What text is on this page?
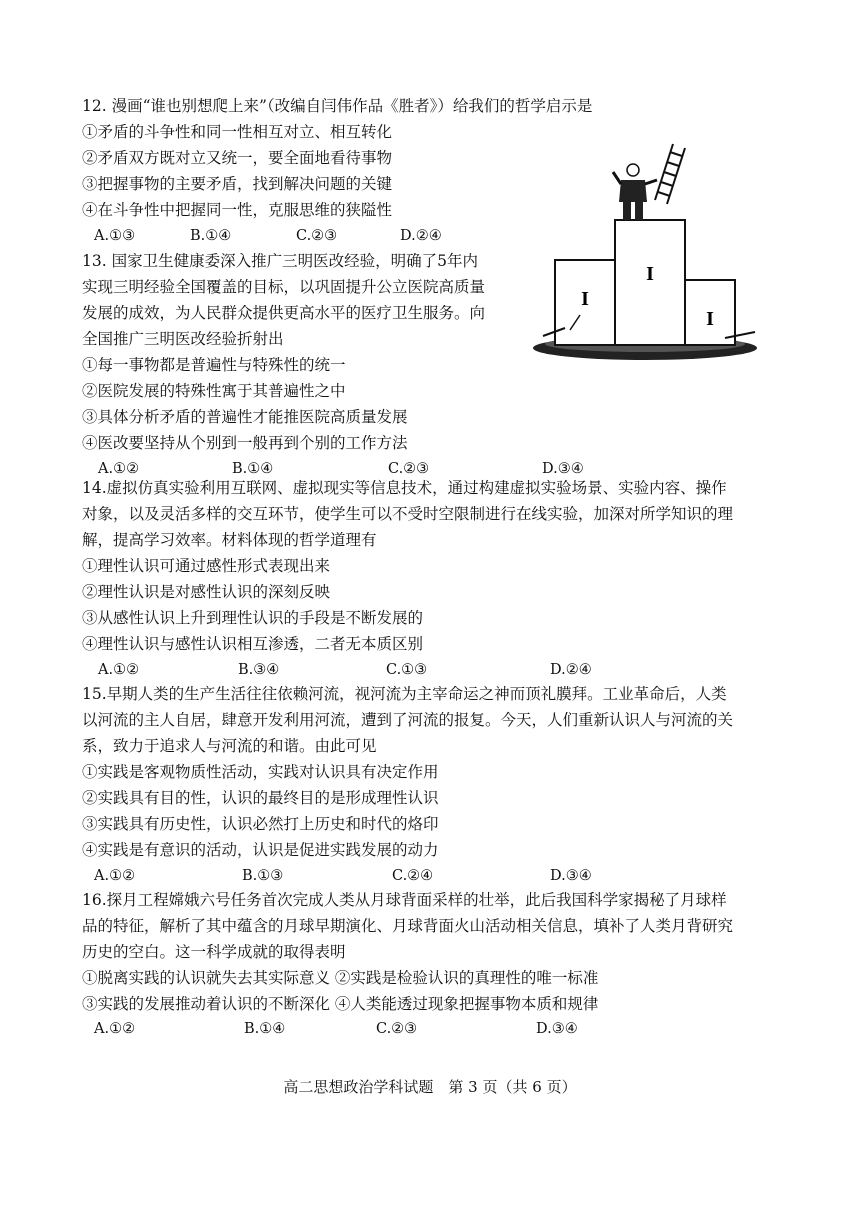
12. 漫画“谁也别想爬上来”（改编自闫伟作品《胜者》）给我们的哲学启示是
①矛盾的斗争性和同一性相互对立、相互转化
②矛盾双方既对立又统一，要全面地看待事物
③把握事物的主要矛盾，找到解决问题的关键
④在斗争性中把握同一性，克服思维的狭隘性
A.①③	B.①④	C.②③	D.②④
I
I
I
13. 国家卫生健康委深入推广三明医改经验，明确了5年内
实现三明经验全国覆盖的目标，以巩固提升公立医院高质量
发展的成效，为人民群众提供更高水平的医疗卫生服务。向
全国推广三明医改经验折射出
①每一事物都是普遍性与特殊性的统一
②医院发展的特殊性寓于其普遍性之中
③具体分析矛盾的普遍性才能推医院高质量发展
④医改要坚持从个别到一般再到个别的工作方法
A.①②	B.①④	C.②③	D.③④
14.虚拟仿真实验利用互联网、虚拟现实等信息技术，通过构建虚拟实验场景、实验内容、操作
对象，以及灵活多样的交互环节，使学生可以不受时空限制进行在线实验，加深对所学知识的理
解，提高学习效率。材料体现的哲学道理有
①理性认识可通过感性形式表现出来
②理性认识是对感性认识的深刻反映
③从感性认识上升到理性认识的手段是不断发展的
④理性认识与感性认识相互渗透，二者无本质区别
A.①②	B.③④	C.①③	D.②④
15.早期人类的生产生活往往依赖河流，视河流为主宰命运之神而顶礼膜拜。工业革命后，人类
以河流的主人自居，肆意开发利用河流，遭到了河流的报复。今天，人们重新认识人与河流的关
系，致力于追求人与河流的和谐。由此可见
①实践是客观物质性活动，实践对认识具有决定作用
②实践具有目的性，认识的最终目的是形成理性认识
③实践具有历史性，认识必然打上历史和时代的烙印
④实践是有意识的活动，认识是促进实践发展的动力
A.①②	B.①③	C.②④	D.③④
16.探月工程嫦娥六号任务首次完成人类从月球背面采样的壮举，此后我国科学家揭秘了月球样
品的特征，解析了其中蕴含的月球早期演化、月球背面火山活动相关信息，填补了人类月背研究
历史的空白。这一科学成就的取得表明
①脱离实践的认识就失去其实际意义 ②实践是检验认识的真理性的唯一标准
③实践的发展推动着认识的不断深化 ④人类能透过现象把握事物本质和规律
A.①②	B.①④	C.②③	D.③④
高二思想政治学科试题　第 3 页（共 6 页）
